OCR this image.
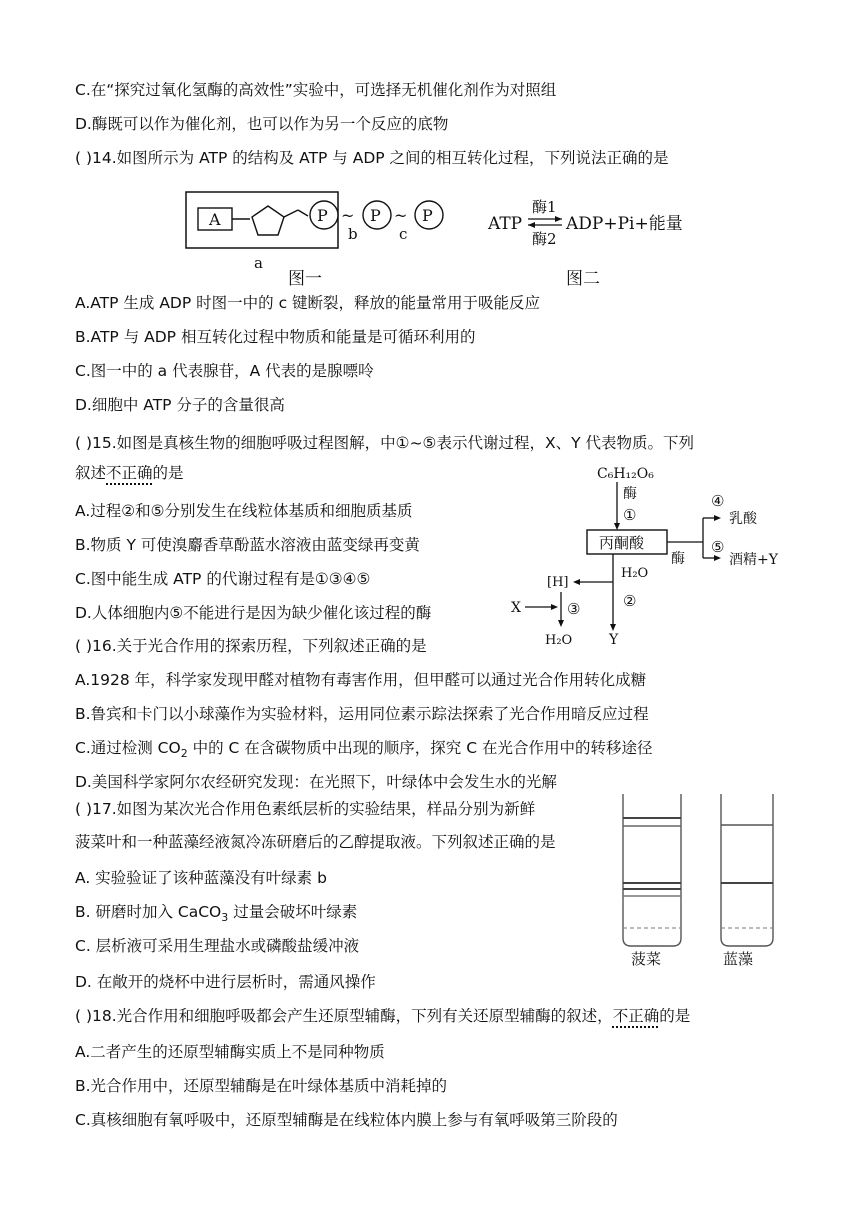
C.在“探究过氧化氢酶的高效性”实验中，可选择无机催化剂作为对照组
D.酶既可以作为催化剂，也可以作为另一个反应的底物
( )14.如图所示为 ATP 的结构及 ATP 与 ADP 之间的相互转化过程，下列说法正确的是
A	P ~
b
P ~
c
P
a
图一
ATP
酶1
酶2
ADP+Pi+能量
图二
A.ATP 生成 ADP 时图一中的 c 键断裂，释放的能量常用于吸能反应
B.ATP 与 ADP 相互转化过程中物质和能量是可循环利用的
C.图一中的 a 代表腺苷，A 代表的是腺嘌呤
D.细胞中 ATP 分子的含量很高
( )15.如图是真核生物的细胞呼吸过程图解，中①~⑤表示代谢过程，X、Y 代表物质。下列
叙述不正确的是
A.过程②和⑤分别发生在线粒体基质和细胞质基质
B.物质 Y 可使溴麝香草酚蓝水溶液由蓝变绿再变黄
C.图中能生成 ATP 的代谢过程有是①③④⑤
D.人体细胞内⑤不能进行是因为缺少催化该过程的酶
C₆H₁₂O₆
酶
①
丙酮酸
酶
④
乳酸
⑤
酒精+Y
H₂O
[H]
X	③	②
H₂O	Y
( )16.关于光合作用的探索历程，下列叙述正确的是
A.1928 年，科学家发现甲醛对植物有毒害作用，但甲醛可以通过光合作用转化成糖
B.鲁宾和卡门以小球藻作为实验材料，运用同位素示踪法探索了光合作用暗反应过程
C.通过检测 $CO_2$ 中的 C 在含碳物质中出现的顺序，探究 C 在光合作用中的转移途径
D.美国科学家阿尔农经研究发现：在光照下，叶绿体中会发生水的光解
( )17.如图为某次光合作用色素纸层析的实验结果，样品分别为新鲜
菠菜叶和一种蓝藻经液氮冷冻研磨后的乙醇提取液。下列叙述正确的是
A. 实验验证了该种蓝藻没有叶绿素 b
B. 研磨时加入 CaCO$_3$ 过量会破坏叶绿素
C. 层析液可采用生理盐水或磷酸盐缓冲液
D. 在敞开的烧杯中进行层析时，需通风操作
菠菜	蓝藻
( )18.光合作用和细胞呼吸都会产生还原型辅酶，下列有关还原型辅酶的叙述，不正确的是
A.二者产生的还原型辅酶实质上不是同种物质
B.光合作用中，还原型辅酶是在叶绿体基质中消耗掉的
C.真核细胞有氧呼吸中，还原型辅酶是在线粒体内膜上参与有氧呼吸第三阶段的
